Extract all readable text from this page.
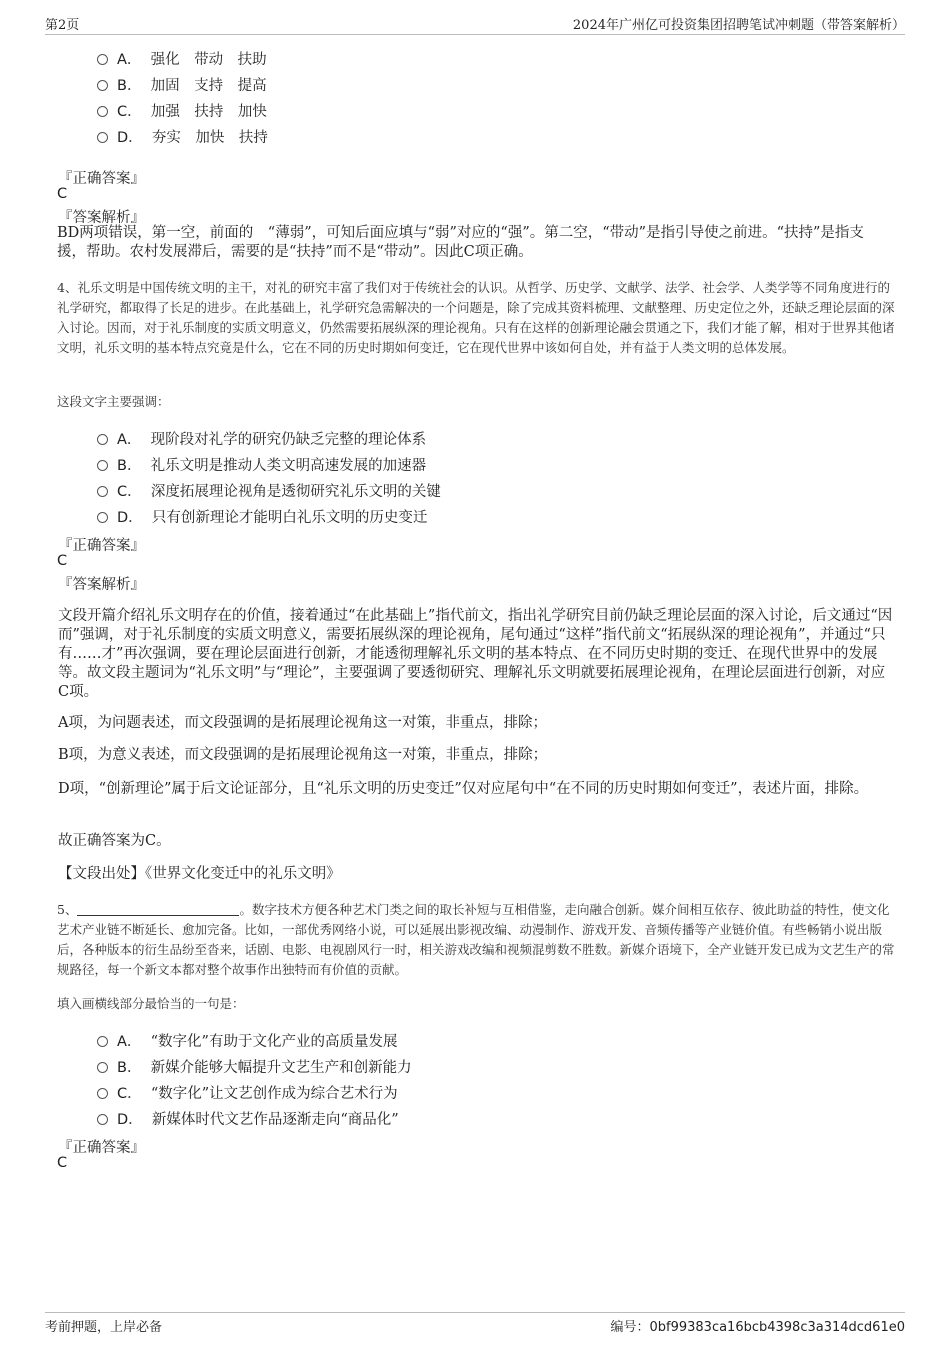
第2页	2024年广州亿可投资集团招聘笔试冲刺题（带答案解析）
A． 强化　带动　扶助
B． 加固　支持　提高
C． 加强　扶持　加快
D． 夯实　加快　扶持
『正确答案』
C
『答案解析』
BD两项错误，第一空，前面的　“薄弱”，可知后面应填与“弱”对应的“强”。第二空，“带动”是指引导使之前进。“扶持”是指支援，帮助。农村发展滞后，需要的是“扶持”而不是“带动”。因此C项正确。
4、礼乐文明是中国传统文明的主干，对礼的研究丰富了我们对于传统社会的认识。从哲学、历史学、文献学、法学、社会学、人类学等不同角度进行的礼学研究，都取得了长足的进步。在此基础上，礼学研究急需解决的一个问题是，除了完成其资料梳理、文献整理、历史定位之外，还缺乏理论层面的深入讨论。因而，对于礼乐制度的实质文明意义，仍然需要拓展纵深的理论视角。只有在这样的创新理论融会贯通之下，我们才能了解，相对于世界其他诸文明，礼乐文明的基本特点究竟是什么，它在不同的历史时期如何变迁，它在现代世界中该如何自处，并有益于人类文明的总体发展。
这段文字主要强调：
A． 现阶段对礼学的研究仍缺乏完整的理论体系
B． 礼乐文明是推动人类文明高速发展的加速器
C． 深度拓展理论视角是透彻研究礼乐文明的关键
D． 只有创新理论才能明白礼乐文明的历史变迁
『正确答案』
C
『答案解析』
文段开篇介绍礼乐文明存在的价值，接着通过“在此基础上”指代前文，指出礼学研究目前仍缺乏理论层面的深入讨论，后文通过“因而”强调，对于礼乐制度的实质文明意义，需要拓展纵深的理论视角，尾句通过“这样”指代前文“拓展纵深的理论视角”，并通过“只有……才”再次强调，要在理论层面进行创新，才能透彻理解礼乐文明的基本特点、在不同历史时期的变迁、在现代世界中的发展等。故文段主题词为“礼乐文明”与“理论”，主要强调了要透彻研究、理解礼乐文明就要拓展理论视角，在理论层面进行创新，对应C项。
A项，为问题表述，而文段强调的是拓展理论视角这一对策，非重点，排除；
B项，为意义表述，而文段强调的是拓展理论视角这一对策，非重点，排除；
D项，“创新理论”属于后文论证部分，且“礼乐文明的历史变迁”仅对应尾句中“在不同的历史时期如何变迁”，表述片面，排除。
故正确答案为C。
【文段出处】《世界文化变迁中的礼乐文明》
5、	。数字技术方便各种艺术门类之间的取长补短与互相借鉴，走向融合创新。媒介间相互依存、彼此助益的特性，使文化艺术产业链不断延长、愈加完备。比如，一部优秀网络小说，可以延展出影视改编、动漫制作、游戏开发、音频传播等产业链价值。有些畅销小说出版后，各种版本的衍生品纷至沓来，话剧、电影、电视剧风行一时，相关游戏改编和视频混剪数不胜数。新媒介语境下，全产业链开发已成为文艺生产的常规路径，每一个新文本都对整个故事作出独特而有价值的贡献。
填入画横线部分最恰当的一句是：
A． “数字化”有助于文化产业的高质量发展
B． 新媒介能够大幅提升文艺生产和创新能力
C． “数字化”让文艺创作成为综合艺术行为
D． 新媒体时代文艺作品逐渐走向“商品化”
『正确答案』
C
考前押题，上岸必备	编号：0bf99383ca16bcb4398c3a314dcd61e0
